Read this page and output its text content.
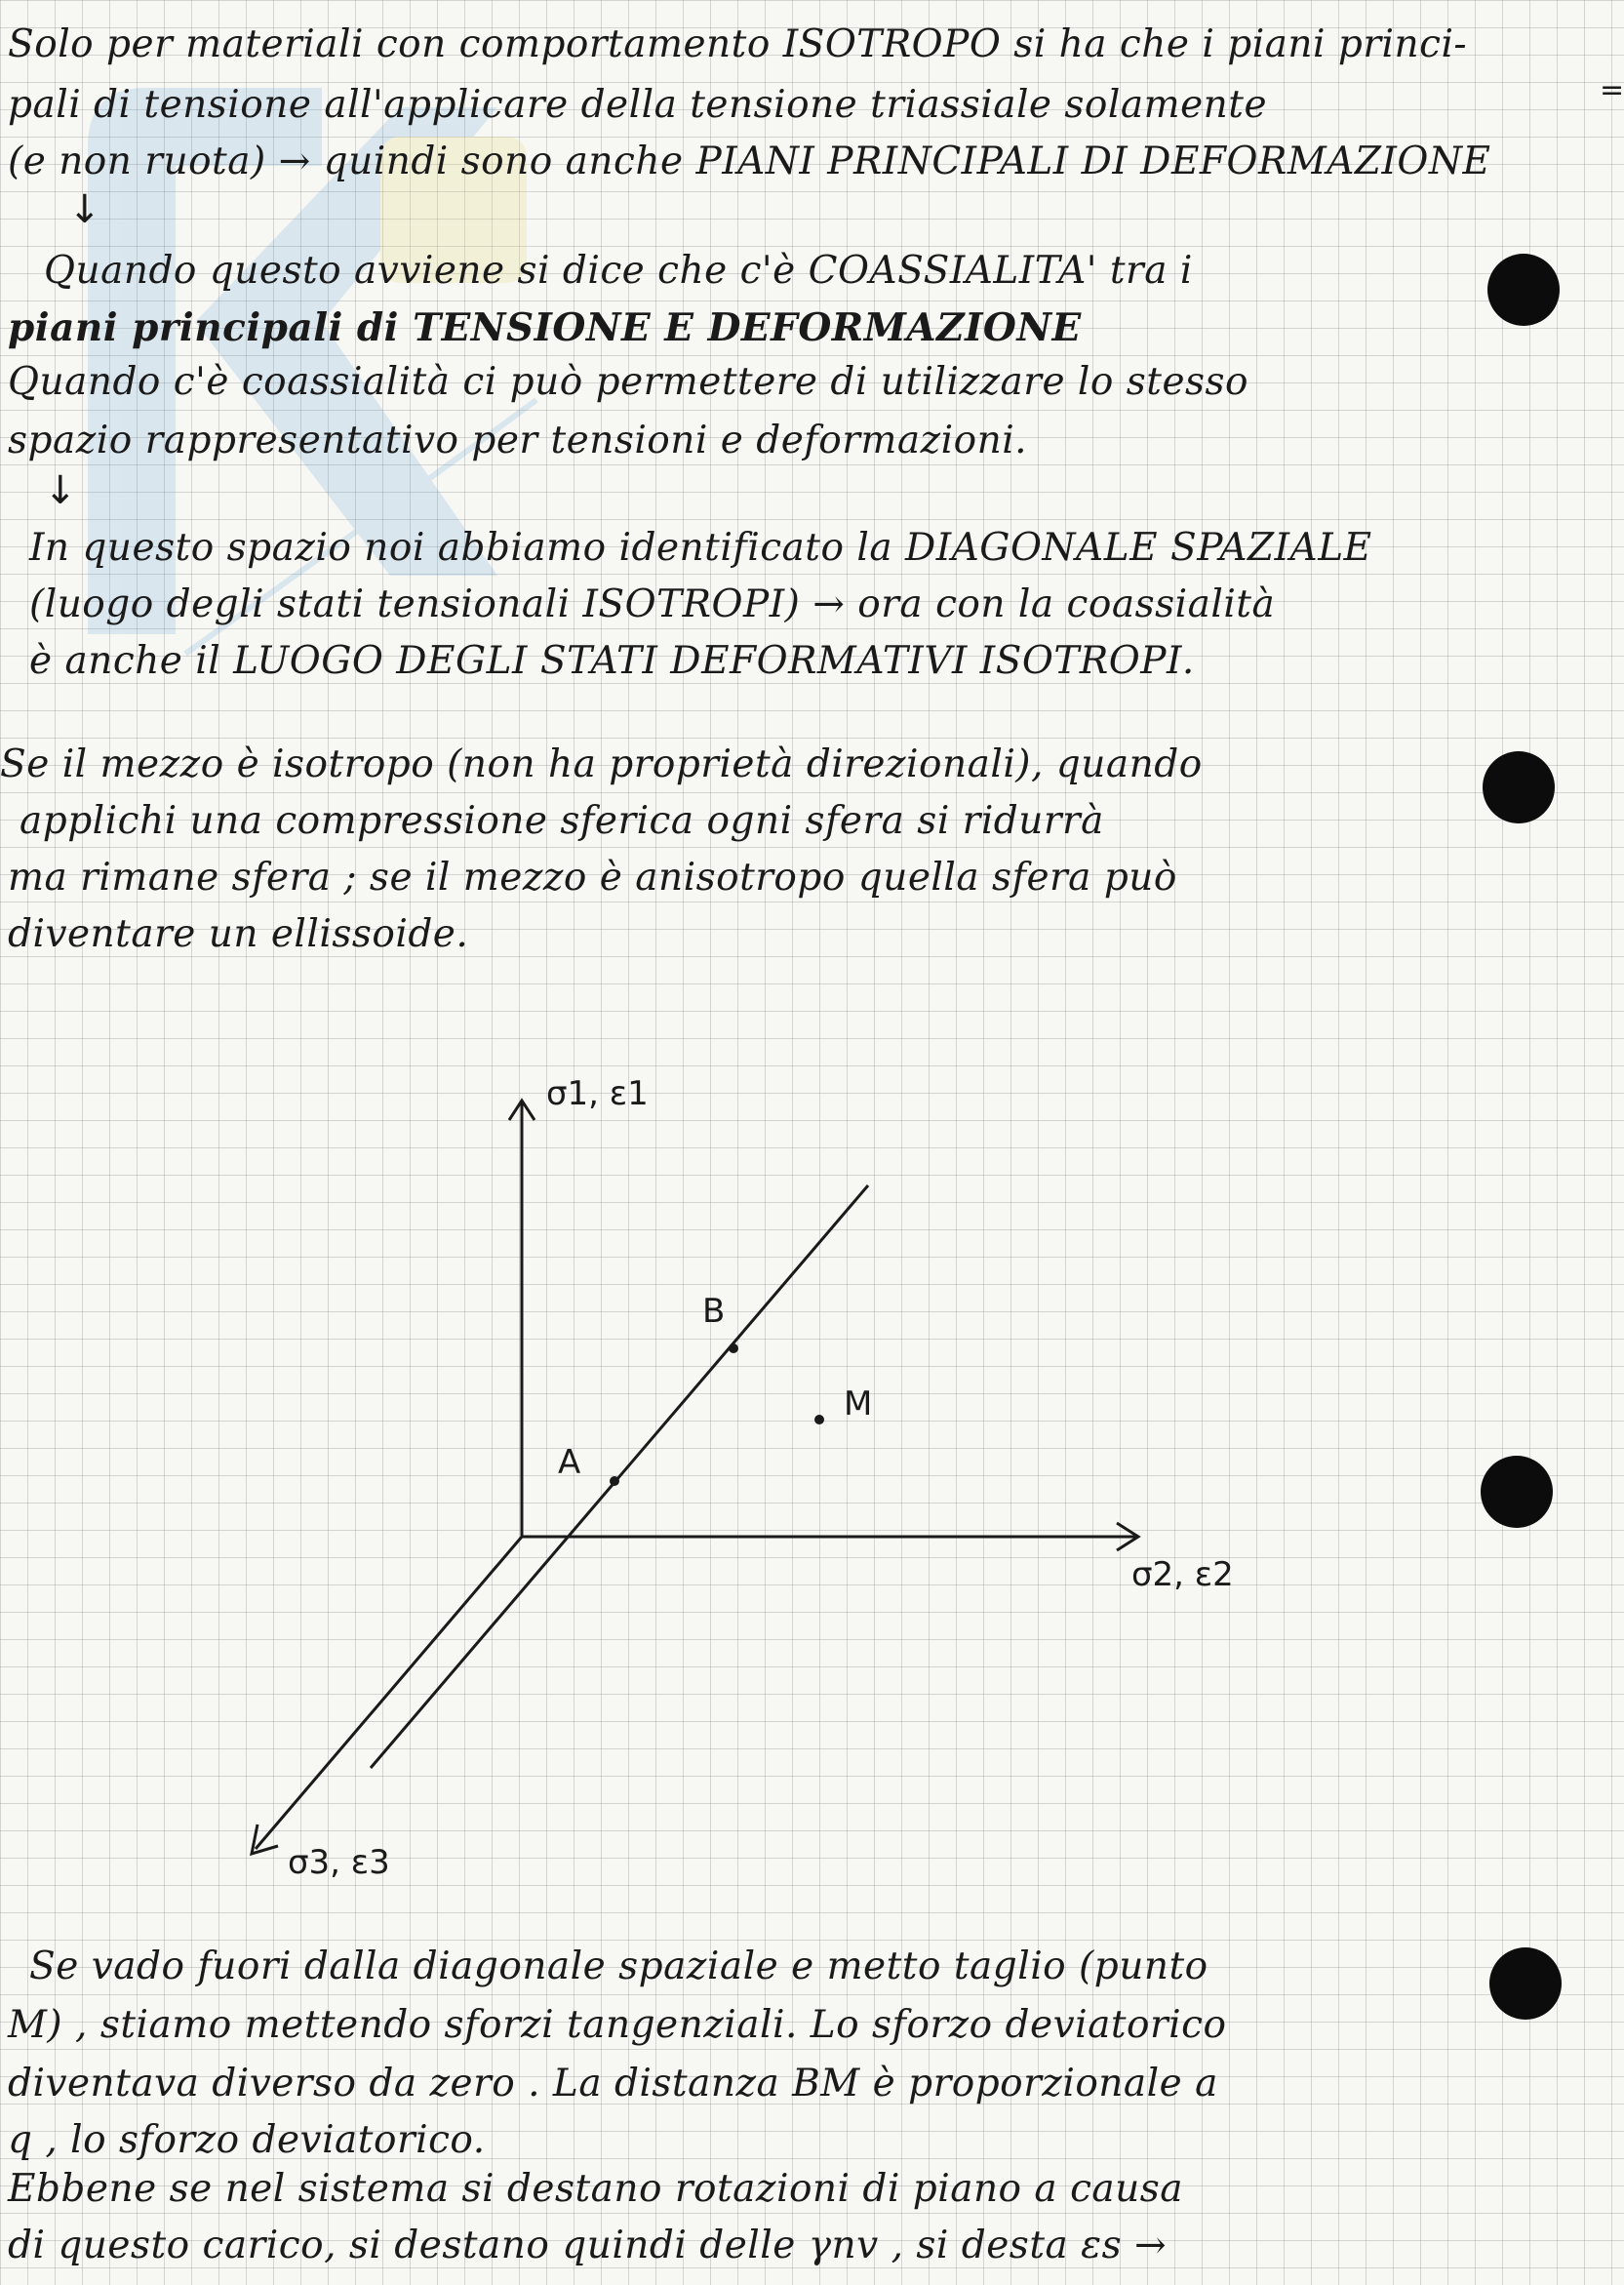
=
Solo per materiali con comportamento ISOTROPO si ha che i piani princi-
pali di tensione all'applicare della tensione triassiale solamente
(e non ruota) → quindi sono anche PIANI PRINCIPALI DI DEFORMAZIONE
↓
Quando questo avviene si dice che c'è COASSIALITA' tra i
piani principali di TENSIONE E DEFORMAZIONE
Quando c'è coassialità ci può permettere di utilizzare lo stesso
spazio rappresentativo per tensioni e deformazioni.
↓
In questo spazio noi abbiamo identificato la DIAGONALE SPAZIALE
(luogo degli stati tensionali ISOTROPI) → ora con la coassialità
è anche il LUOGO DEGLI STATI DEFORMATIVI ISOTROPI.
Se il mezzo è isotropo (non ha proprietà direzionali), quando
applichi una compressione sferica ogni sfera si ridurrà
ma rimane sfera ; se il mezzo è anisotropo quella sfera può
diventare un ellissoide.
σ1, ε1
σ2, ε2
σ3, ε3
A
B
M
Se vado fuori dalla diagonale spaziale e metto taglio (punto
M) , stiamo mettendo sforzi tangenziali. Lo sforzo deviatorico
diventava diverso da zero . La distanza BM è proporzionale a
q , lo sforzo deviatorico.
Ebbene se nel sistema si destano rotazioni di piano a causa
di questo carico, si destano quindi delle γnv , si desta εs →
